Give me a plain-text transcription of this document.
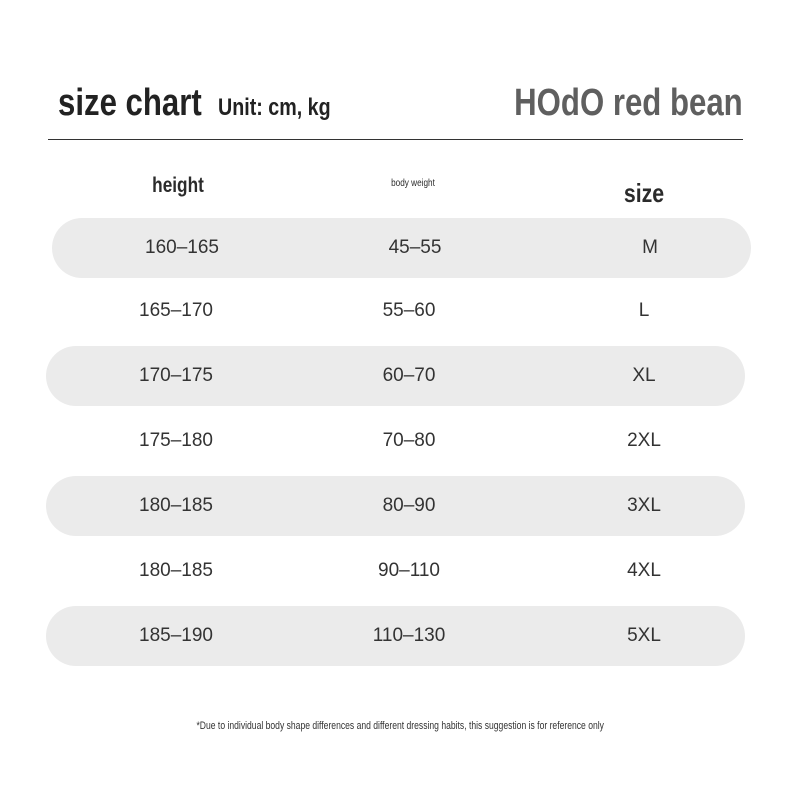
size chart Unit: cm, kg	HOdO red bean
height	body weight	size
160–165	45–55	M
165–170	55–60	L
170–175	60–70	XL
175–180	70–80	2XL
180–185	80–90	3XL
180–185	90–110	4XL
185–190	110–130	5XL
*Due to individual body shape differences and different dressing habits, this suggestion is for reference only
